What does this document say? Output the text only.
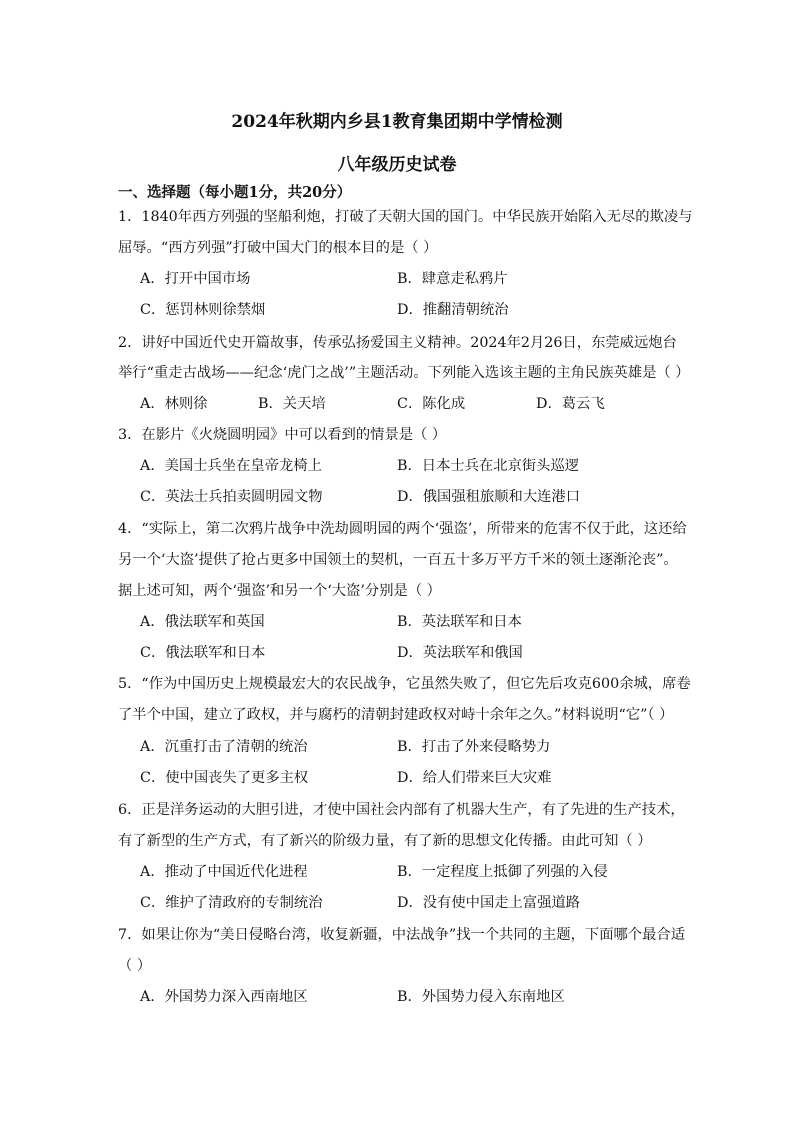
2024年秋期内乡县1教育集团期中学情检测
八年级历史试卷
一、选择题（每小题1分，共20分）
1．1840年西方列强的坚船利炮，打破了天朝大国的国门。中华民族开始陷入无尽的欺凌与
屈辱。“西方列强”打破中国大门的根本目的是（ ）
A．打开中国市场	B．肆意走私鸦片
C．惩罚林则徐禁烟	D．推翻清朝统治
2．讲好中国近代史开篇故事，传承弘扬爱国主义精神。2024年2月26日，东莞威远炮台
举行“重走古战场——纪念‘虎门之战’”主题活动。下列能入选该主题的主角民族英雄是（ ）
A．林则徐	B．关天培	C．陈化成	D．葛云飞
3．在影片《火烧圆明园》中可以看到的情景是（ ）
A．美国士兵坐在皇帝龙椅上	B．日本士兵在北京街头巡逻
C．英法士兵拍卖圆明园文物	D．俄国强租旅顺和大连港口
4．“实际上，第二次鸦片战争中洗劫圆明园的两个‘强盗’，所带来的危害不仅于此，这还给
另一个‘大盗’提供了抢占更多中国领土的契机，一百五十多万平方千米的领土逐渐沦丧”。
据上述可知，两个‘强盗’和另一个‘大盗’分别是（ ）
A．俄法联军和英国	B．英法联军和日本
C．俄法联军和日本	D．英法联军和俄国
5．“作为中国历史上规模最宏大的农民战争，它虽然失败了，但它先后攻克600余城，席卷
了半个中国，建立了政权，并与腐朽的清朝封建政权对峙十余年之久。”材料说明“它”（ ）
A．沉重打击了清朝的统治	B．打击了外来侵略势力
C．使中国丧失了更多主权	D．给人们带来巨大灾难
6．正是洋务运动的大胆引进，才使中国社会内部有了机器大生产，有了先进的生产技术，
有了新型的生产方式，有了新兴的阶级力量，有了新的思想文化传播。由此可知（ ）
A．推动了中国近代化进程	B．一定程度上抵御了列强的入侵
C．维护了清政府的专制统治	D．没有使中国走上富强道路
7．如果让你为“美日侵略台湾，收复新疆，中法战争”找一个共同的主题，下面哪个最合适
（ ）
A．外国势力深入西南地区	B．外国势力侵入东南地区
